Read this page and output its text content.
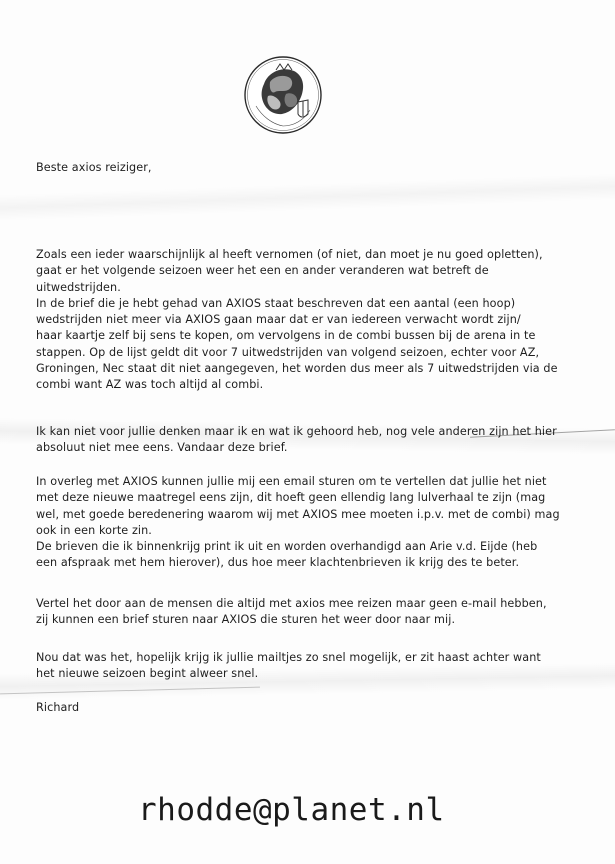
Beste axios reiziger,
Zoals een ieder waarschijnlijk al heeft vernomen (of niet, dan moet je nu goed opletten),
gaat er het volgende seizoen weer het een en ander veranderen wat betreft de
uitwedstrijden.
In de brief die je hebt gehad van AXIOS staat beschreven dat een aantal (een hoop)
wedstrijden niet meer via AXIOS gaan maar dat er van iedereen verwacht wordt zijn/
haar kaartje zelf bij sens te kopen, om vervolgens in de combi bussen bij de arena in te
stappen. Op de lijst geldt dit voor 7 uitwedstrijden van volgend seizoen, echter voor AZ,
Groningen, Nec staat dit niet aangegeven, het worden dus meer als 7 uitwedstrijden via de
combi want AZ was toch altijd al combi.
Ik kan niet voor jullie denken maar ik en wat ik gehoord heb, nog vele anderen zijn het hier
absoluut niet mee eens. Vandaar deze brief.
In overleg met AXIOS kunnen jullie mij een email sturen om te vertellen dat jullie het niet
met deze nieuwe maatregel eens zijn, dit hoeft geen ellendig lang lulverhaal te zijn (mag
wel, met goede beredenering waarom wij met AXIOS mee moeten i.p.v. met de combi) mag
ook in een korte zin.
De brieven die ik binnenkrijg print ik uit en worden overhandigd aan Arie v.d. Eijde (heb
een afspraak met hem hierover), dus hoe meer klachtenbrieven ik krijg des te beter.
Vertel het door aan de mensen die altijd met axios mee reizen maar geen e-mail hebben,
zij kunnen een brief sturen naar AXIOS die sturen het weer door naar mij.
Nou dat was het, hopelijk krijg ik jullie mailtjes zo snel mogelijk, er zit haast achter want
het nieuwe seizoen begint alweer snel.
Richard
rhodde@planet.nl
